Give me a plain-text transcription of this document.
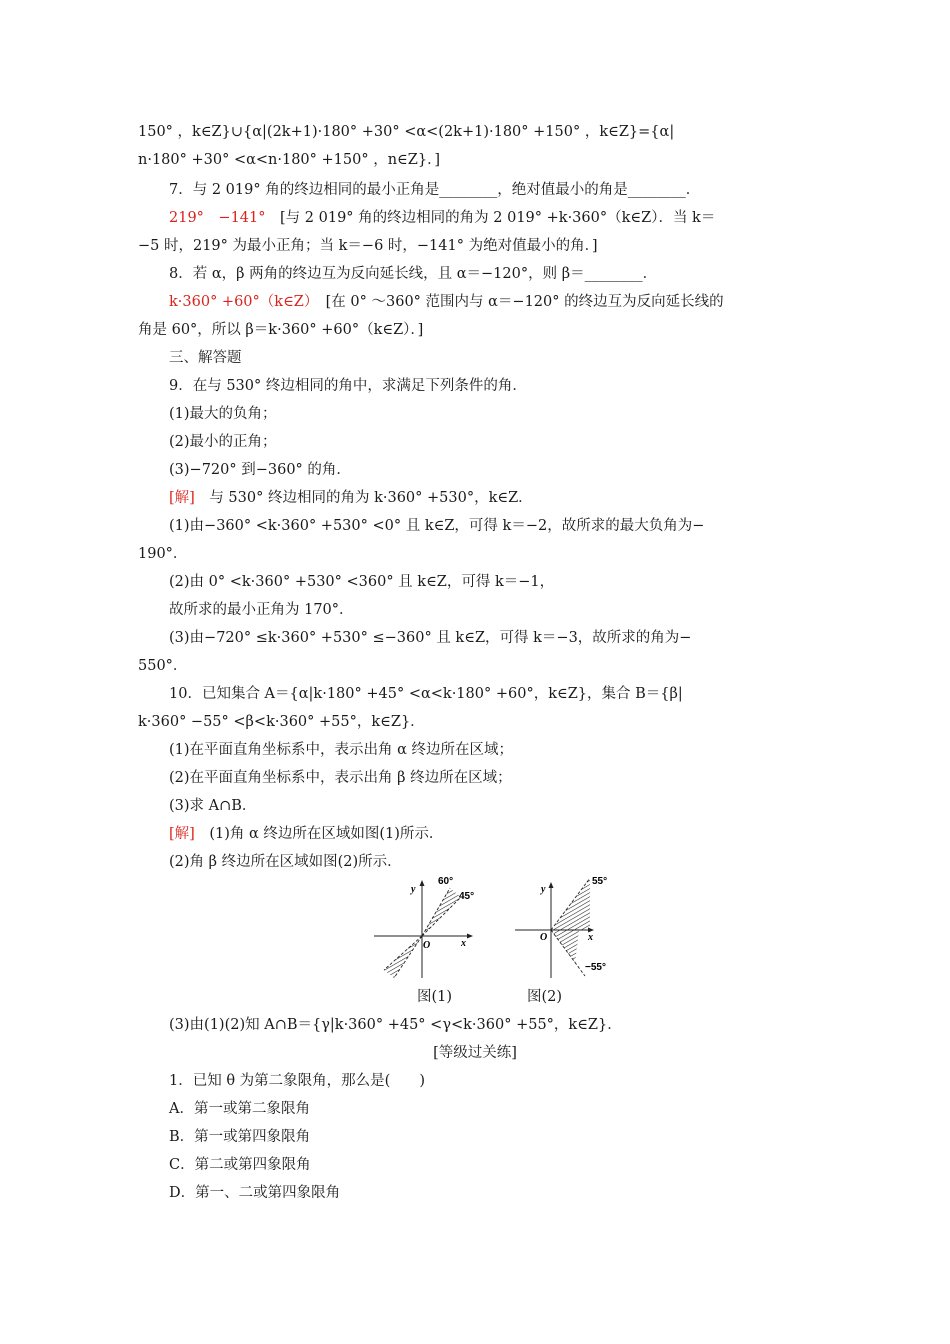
150° ，k∈Z}∪{α|(2k+1)·180° +30° <α<(2k+1)·180° +150° ，k∈Z}={α|

n·180° +30° <α<n·180° +150° ，n∈Z}．]

7．与 2 019° 角的终边相同的最小正角是________，绝对值最小的角是________．

219°　−141°　[与 2 019° 角的终边相同的角为 2 019° +k·360°（k∈Z）．当 k＝

−5 时，219° 为最小正角；当 k＝−6 时，−141° 为绝对值最小的角．]

8．若 α，β 两角的终边互为反向延长线，且 α＝−120°，则 β＝________．

k·360° +60°（k∈Z）　[在 0° ～360° 范围内与 α＝−120° 的终边互为反向延长线的

角是 60°，所以 β＝k·360° +60°（k∈Z）．]

三、解答题

9．在与 530° 终边相同的角中，求满足下列条件的角．

(1)最大的负角；

(2)最小的正角；

(3)−720° 到−360° 的角．

[解]　与 530° 终边相同的角为 k·360° +530°，k∈Z．

(1)由−360° <k·360° +530° <0° 且 k∈Z，可得 k＝−2，故所求的最大负角为−

190°．

(2)由 0° <k·360° +530° <360° 且 k∈Z，可得 k＝−1，

故所求的最小正角为 170°．

(3)由−720° ≤k·360° +530° ≤−360° 且 k∈Z，可得 k＝−3，故所求的角为−

550°．

10．已知集合 A＝{α|k·180° +45° <α<k·180° +60°，k∈Z}，集合 B＝{β|

k·360° −55° <β<k·360° +55°，k∈Z}．

(1)在平面直角坐标系中，表示出角 α 终边所在区域；

(2)在平面直角坐标系中，表示出角 β 终边所在区域；

(3)求 A∩B．

[解]　(1)角 α 终边所在区域如图(1)所示．

(2)角 β 终边所在区域如图(2)所示．

60°
45°
x
y
O
图(1)
55°
−55°
x
y
O
图(2)

(3)由(1)(2)知 A∩B＝{γ|k·360° +45° <γ<k·360° +55°，k∈Z}．

[等级过关练]

1．已知 θ 为第二象限角，那么是(　　)

A．第一或第二象限角

B．第一或第四象限角

C．第二或第四象限角

D．第一、二或第四象限角
